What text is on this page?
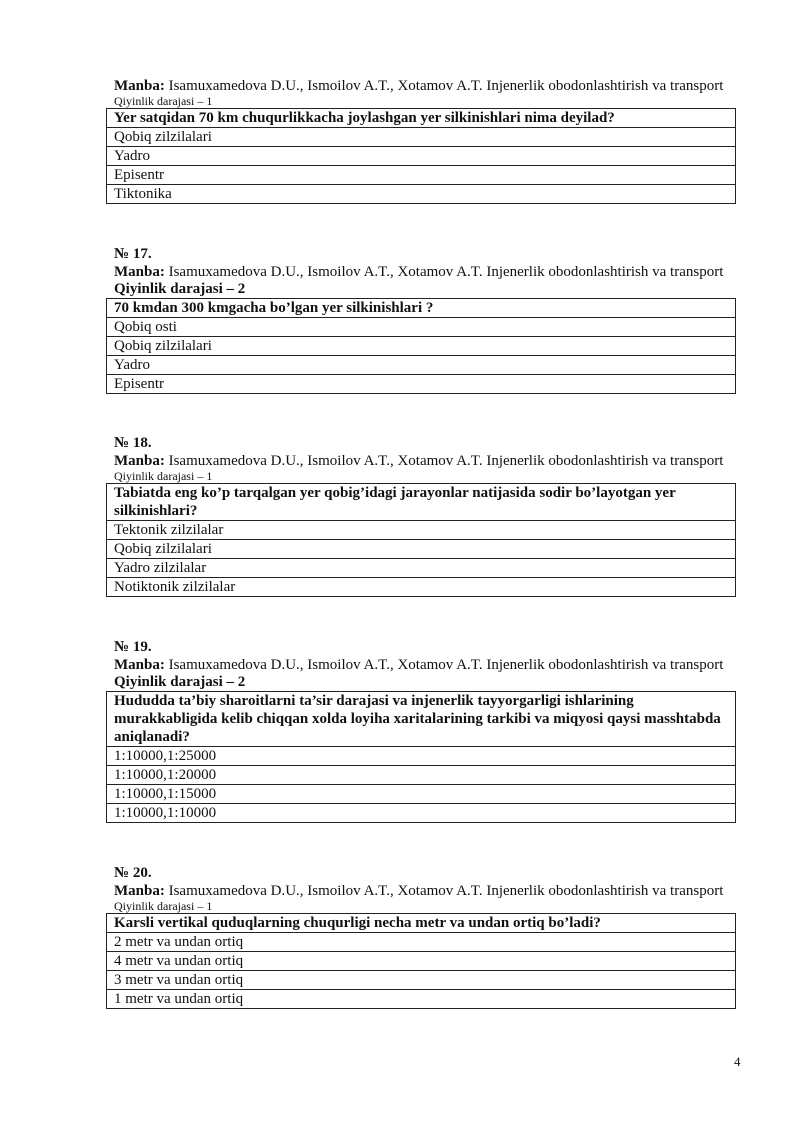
Manba: Isamuxamedova D.U., Ismoilov A.T., Xotamov A.T. Injenerlik obodonlashtirish va transport

Qiyinlik darajasi – 1

Yer satqidan 70 km chuqurlikkacha joylashgan yer silkinishlari nima deyilad?
Qobiq zilzilalari
Yadro
Episentr
Tiktonika

№ 17.

Manba: Isamuxamedova D.U., Ismoilov A.T., Xotamov A.T. Injenerlik obodonlashtirish va transport

Qiyinlik darajasi – 2

70 kmdan 300 kmgacha bo’lgan yer silkinishlari ?
Qobiq osti
Qobiq zilzilalari
Yadro
Episentr

№ 18.

Manba: Isamuxamedova D.U., Ismoilov A.T., Xotamov A.T. Injenerlik obodonlashtirish va transport

Qiyinlik darajasi – 1

Tabiatda eng ko’p tarqalgan yer qobig’idagi jarayonlar natijasida sodir bo’layotgan yer silkinishlari?
Tektonik zilzilalar
Qobiq zilzilalari
Yadro zilzilalar
Notiktonik zilzilalar

№ 19.

Manba: Isamuxamedova D.U., Ismoilov A.T., Xotamov A.T. Injenerlik obodonlashtirish va transport

Qiyinlik darajasi – 2

Hududda ta’biy sharoitlarni ta’sir darajasi va injenerlik tayyorgarligi ishlarining murakkabligida kelib chiqqan xolda loyiha xaritalarining tarkibi va miqyosi qaysi masshtabda aniqlanadi?
1:10000,1:25000
1:10000,1:20000
1:10000,1:15000
1:10000,1:10000

№ 20.

Manba: Isamuxamedova D.U., Ismoilov A.T., Xotamov A.T. Injenerlik obodonlashtirish va transport

Qiyinlik darajasi – 1

Karsli vertikal quduqlarning chuqurligi necha metr va undan ortiq bo’ladi?
2 metr va undan ortiq
4 metr va undan ortiq
3 metr va undan ortiq
1 metr va undan ortiq
4
